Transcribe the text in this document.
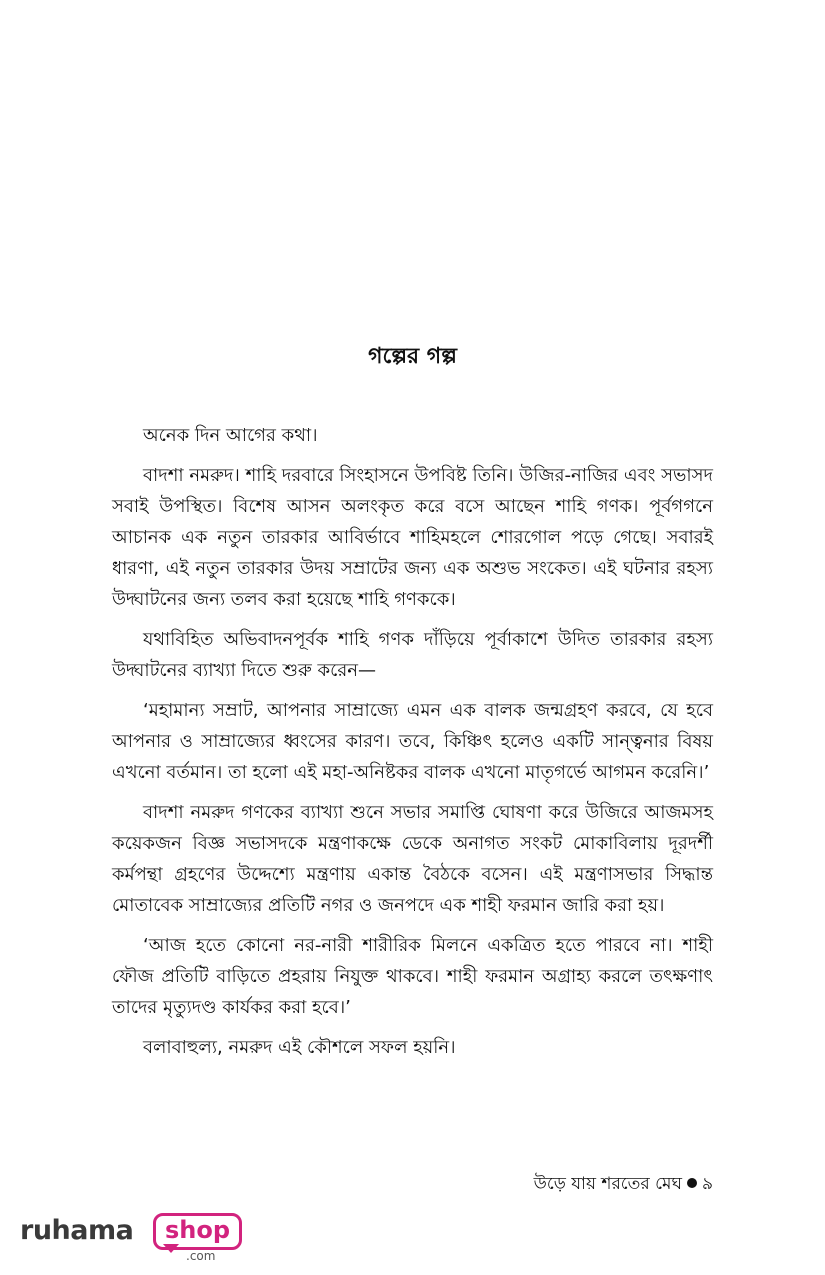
গল্পের গল্প

অনেক দিন আগের কথা।

বাদশা নমরুদ। শাহি দরবারে সিংহাসনে উপবিষ্ট তিনি। উজির-নাজির এবং সভাসদ সবাই উপস্থিত। বিশেষ আসন অলংকৃত করে বসে আছেন শাহি গণক। পূর্বগগনে আচানক এক নতুন তারকার আবির্ভাবে শাহিমহলে শোরগোল পড়ে গেছে। সবারই ধারণা, এই নতুন তারকার উদয় সম্রাটের জন্য এক অশুভ সংকেত। এই ঘটনার রহস্য উদ্ঘাটনের জন্য তলব করা হয়েছে শাহি গণককে।

যথাবিহিত অভিবাদনপূর্বক শাহি গণক দাঁড়িয়ে পূর্বাকাশে উদিত তারকার রহস্য উদ্ঘাটনের ব্যাখ্যা দিতে শুরু করেন—

‘মহামান্য সম্রাট, আপনার সাম্রাজ্যে এমন এক বালক জন্মগ্রহণ করবে, যে হবে আপনার ও সাম্রাজ্যের ধ্বংসের কারণ। তবে, কিঞ্চিৎ হলেও একটি সান্ত্বনার বিষয় এখনো বর্তমান। তা হলো এই মহা-অনিষ্টকর বালক এখনো মাতৃগর্ভে আগমন করেনি।’

বাদশা নমরুদ গণকের ব্যাখ্যা শুনে সভার সমাপ্তি ঘোষণা করে উজিরে আজমসহ কয়েকজন বিজ্ঞ সভাসদকে মন্ত্রণাকক্ষে ডেকে অনাগত সংকট মোকাবিলায় দূরদর্শী কর্মপন্থা গ্রহণের উদ্দেশ্যে মন্ত্রণায় একান্ত বৈঠকে বসেন। এই মন্ত্রণাসভার সিদ্ধান্ত মোতাবেক সাম্রাজ্যের প্রতিটি নগর ও জনপদে এক শাহী ফরমান জারি করা হয়।

‘আজ হতে কোনো নর-নারী শারীরিক মিলনে একত্রিত হতে পারবে না। শাহী ফৌজ প্রতিটি বাড়িতে প্রহরায় নিযুক্ত থাকবে। শাহী ফরমান অগ্রাহ্য করলে তৎক্ষণাৎ তাদের মৃত্যুদণ্ড কার্যকর করা হবে।’

বলাবাহুল্য, নমরুদ এই কৌশলে সফল হয়নি।

উড়ে যায় শরতের মেঘ ৯
ruhama	shop
.com
